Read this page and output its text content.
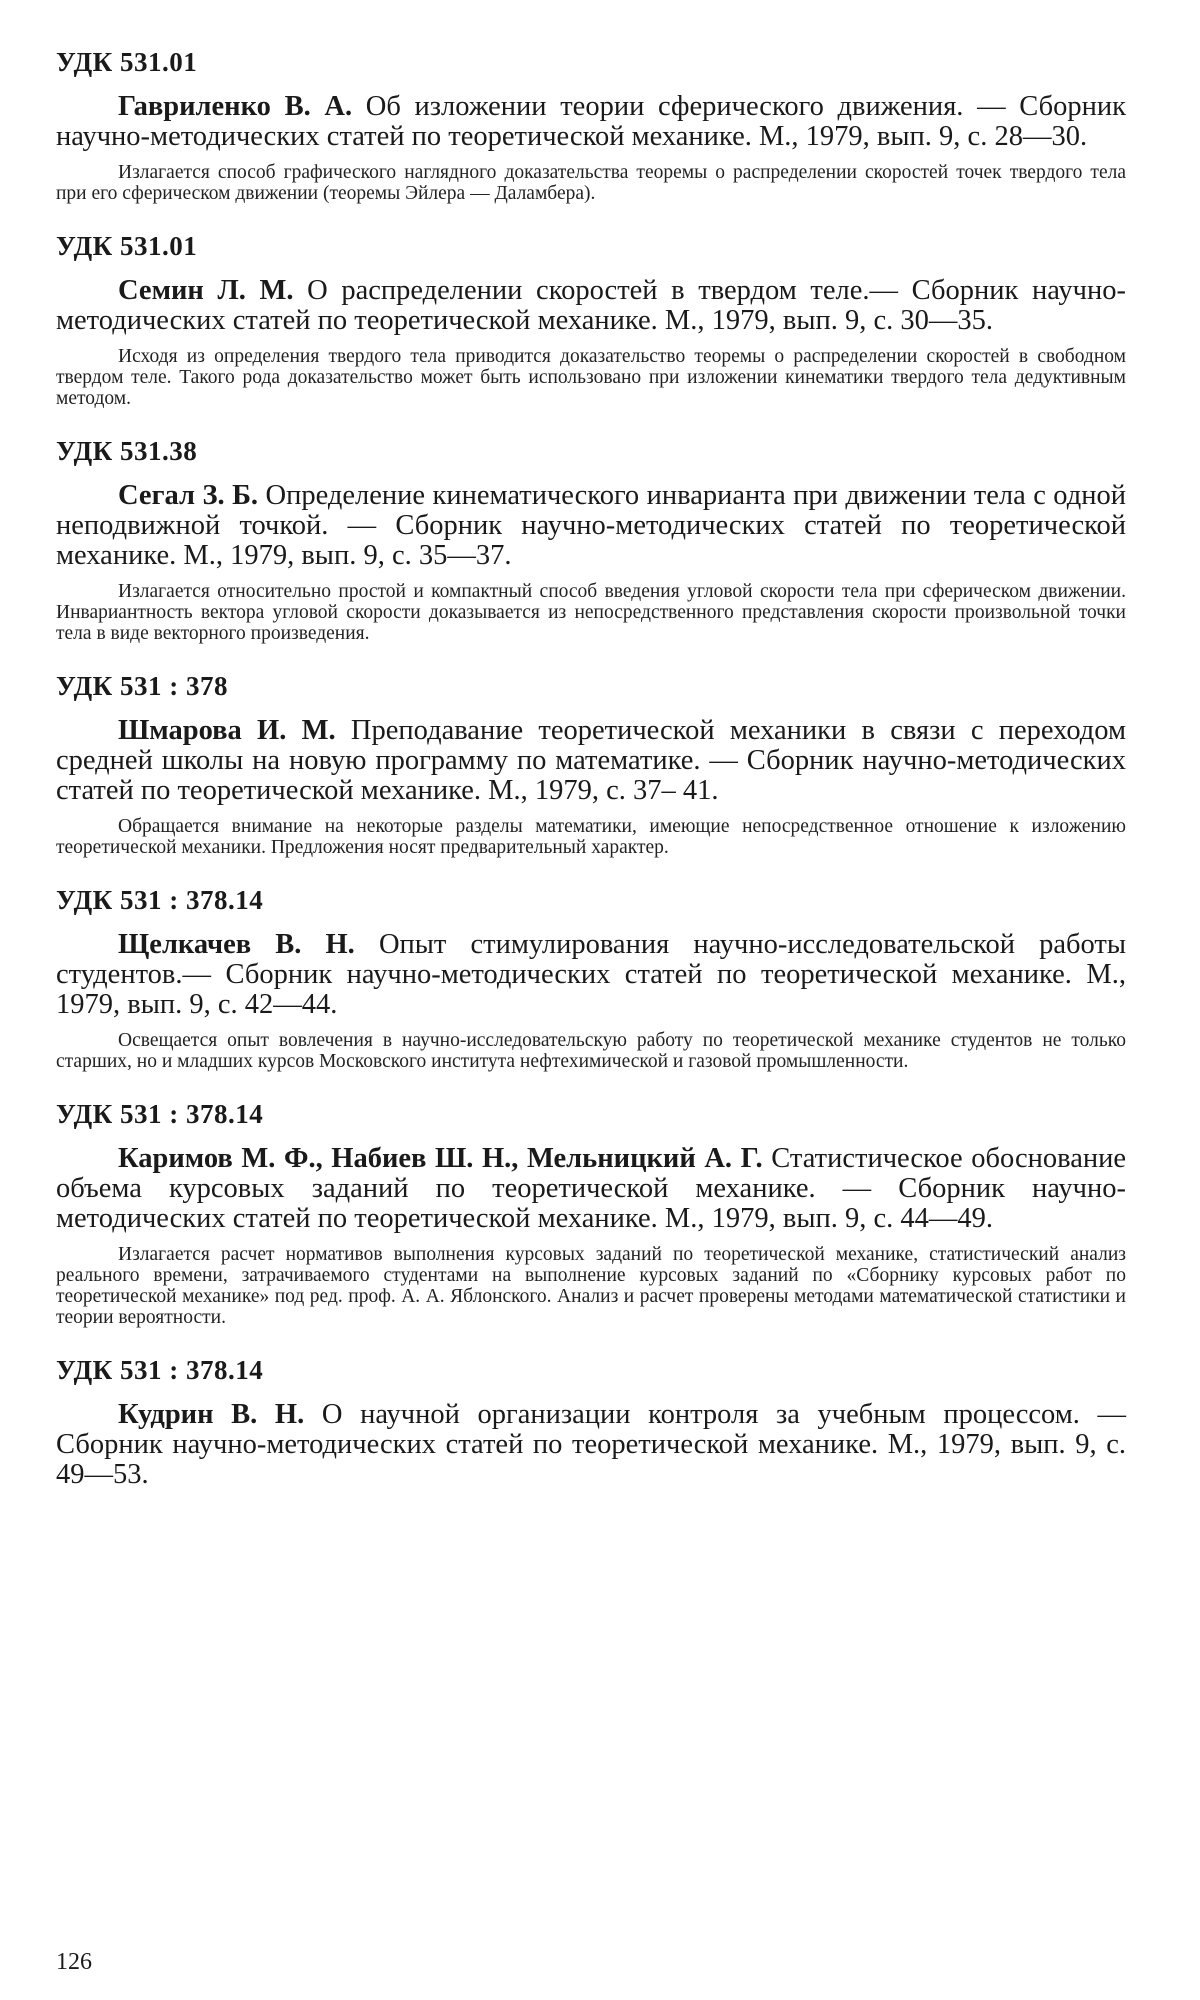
УДК 531.01

Гавриленко В. А. Об изложении теории сферического движения. — Сборник научно-методических статей по теоретической механике. М., 1979, вып. 9, с. 28—30.

Излагается способ графического наглядного доказательства теоремы о распределении скоростей точек твердого тела при его сферическом движении (теоремы Эйлера — Даламбера).

УДК 531.01

Семин Л. М. О распределении скоростей в твердом теле.— Сборник научно-методических статей по теоретической механике. М., 1979, вып. 9, с. 30—35.

Исходя из определения твердого тела приводится доказательство теоремы о распределении скоростей в свободном твердом теле. Такого рода доказательство может быть использовано при изложении кинематики твердого тела дедуктивным методом.

УДК 531.38

Сегал З. Б. Определение кинематического инварианта при движении тела с одной неподвижной точкой. — Сборник научно-методических статей по теоретической механике. М., 1979, вып. 9, с. 35—37.

Излагается относительно простой и компактный способ введения угловой скорости тела при сферическом движении. Инвариантность вектора угловой скорости доказывается из непосредственного представления скорости произвольной точки тела в виде векторного произведения.

УДК 531 : 378

Шмарова И. М. Преподавание теоретической механики в связи с переходом средней школы на новую программу по математике. — Сборник научно-методических статей по теоретической механике. М., 1979, с. 37– 41.

Обращается внимание на некоторые разделы математики, имеющие непосредственное отношение к изложению теоретической механики. Предложения носят предварительный характер.

УДК 531 : 378.14

Щелкачев В. Н. Опыт стимулирования научно-исследовательской работы студентов.— Сборник научно-методических статей по теоретической механике. М., 1979, вып. 9, с. 42—44.

Освещается опыт вовлечения в научно-исследовательскую работу по теоретической механике студентов не только старших, но и младших курсов Московского института нефтехимической и газовой промышленности.

УДК 531 : 378.14

Каримов М. Ф., Набиев Ш. Н., Мельницкий А. Г. Статистическое обоснование объема курсовых заданий по теоретической механике. — Сборник научно-методических статей по теоретической механике. М., 1979, вып. 9, с. 44—49.

Излагается расчет нормативов выполнения курсовых заданий по теоретической механике, статистический анализ реального времени, затрачиваемого студентами на выполнение курсовых заданий по «Сборнику курсовых работ по теоретической механике» под ред. проф. А. А. Яблонского. Анализ и расчет проверены методами математической статистики и теории вероятности.

УДК 531 : 378.14

Кудрин В. Н. О научной организации контроля за учебным процессом. — Сборник научно-методических статей по теоретической механике. М., 1979, вып. 9, с. 49—53.

126
